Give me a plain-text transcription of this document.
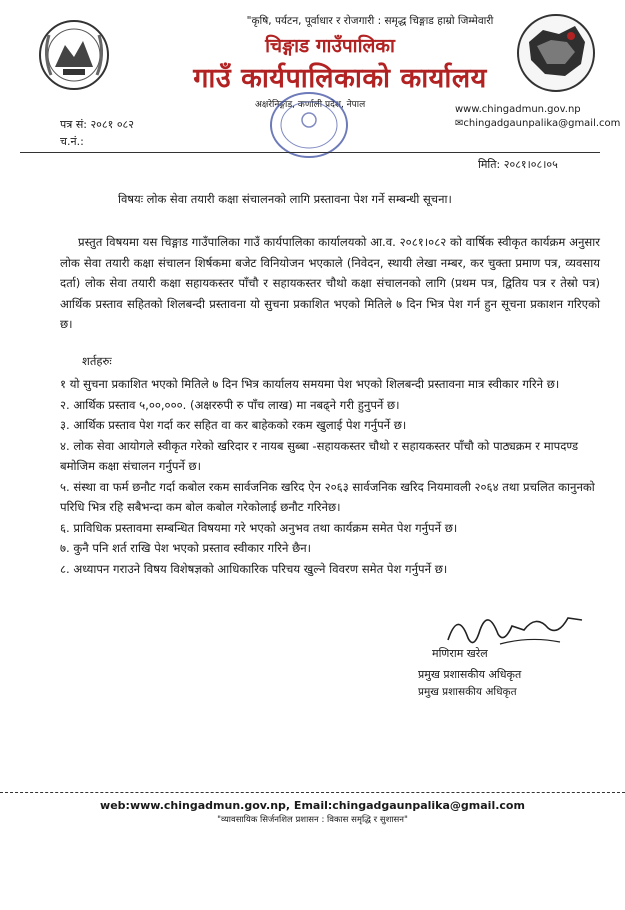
"कृषि, पर्यटन, पूर्वाधार र रोजगारी : समृद्ध चिङ्गाड हाम्रो जिम्मेवारी
चिङ्गाड गाउँपालिका
गाउँ कार्यपालिकाको कार्यालय
अक्षरेनिङ्गाड, कर्णाली प्रदेश, नेपाल	www.chingadmun.gov.np
✉chingadgaunpalika@gmail.com
पत्र सं: २०८१ ०८२
च.नं.:
मिति: २०८१।०८।०५
विषयः लोक सेवा तयारी कक्षा संचालनको लागि प्रस्तावना पेश गर्ने सम्बन्धी सूचना।

प्रस्तुत विषयमा यस चिङ्गाड गाउँपालिका गाउँ कार्यपालिका कार्यालयको आ.व. २०८१।०८२ को वार्षिक स्वीकृत कार्यक्रम अनुसार लोक सेवा तयारी कक्षा संचालन शिर्षकमा बजेट विनियोजन भएकाले (निवेदन, स्थायी लेखा नम्बर, कर चुक्ता प्रमाण पत्र, व्यवसाय दर्ता) लोक सेवा तयारी कक्षा सहायकस्तर पाँचौ र सहायकस्तर चौथो कक्षा संचालनको लागि (प्रथम पत्र, द्वितिय पत्र र तेस्रो पत्र) आर्थिक प्रस्ताव सहितको शिलबन्दी प्रस्तावना यो सुचना प्रकाशित भएको मितिले ७ दिन भित्र पेश गर्न हुन सूचना प्रकाशन गरिएको छ।

शर्तहरुः
१ यो सुचना प्रकाशित भएको मितिले ७ दिन भित्र कार्यालय समयमा पेश भएको शिलबन्दी प्रस्तावना मात्र स्वीकार गरिने छ।
२. आर्थिक प्रस्ताव ५,००,०००. (अक्षररुपी रु पाँच लाख) मा नबढ्ने गरी हुनुपर्ने छ।
३. आर्थिक प्रस्ताव पेश गर्दा कर सहित वा कर बाहेकको रकम खुलाई पेश गर्नुपर्ने छ।
४. लोक सेवा आयोगले स्वीकृत गरेको खरिदार र नायब सुब्बा -सहायकस्तर चौथो र सहायकस्तर पाँचौ को पाठ्यक्रम र मापदण्ड बमोजिम कक्षा संचालन गर्नुपर्ने छ।
५. संस्था वा फर्म छनौट गर्दा कबोल रकम सार्वजनिक खरिद ऐन २०६३ सार्वजनिक खरिद नियमावली २०६४ तथा प्रचलित कानुनको परिधि भित्र रहि सबैभन्दा कम बोल कबोल गरेकोलाई छनौट गरिनेछ।
६. प्राविधिक प्रस्तावमा सम्बन्धित विषयमा गरे भएको अनुभव तथा कार्यक्रम समेत पेश गर्नुपर्ने छ।
७. कुनै पनि शर्त राखि पेश भएको प्रस्ताव स्वीकार गरिने छैन।
८. अध्यापन गराउने विषय विशेषज्ञको आधिकारिक परिचय खुल्ने विवरण समेत पेश गर्नुपर्ने छ।
मणिराम खरेल
प्रमुख प्रशासकीय अधिकृत
प्रमुख प्रशासकीय अधिकृत
web:www.chingadmun.gov.np, Email:chingadgaunpalika@gmail.com
"व्यावसायिक सिर्जनशिल प्रशासन : विकास समृद्धि र सुशासन"
